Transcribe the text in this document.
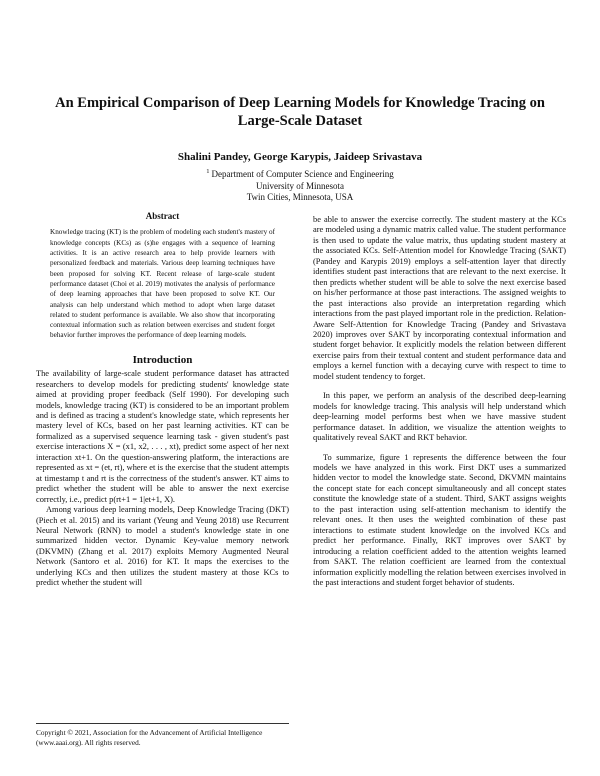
An Empirical Comparison of Deep Learning Models for Knowledge Tracing on Large-Scale Dataset

Shalini Pandey, George Karypis, Jaideep Srivastava

$^1$ Department of Computer Science and Engineering
University of Minnesota
Twin Cities, Minnesota, USA
Abstract

Knowledge tracing (KT) is the problem of modeling each student's mastery of knowledge concepts (KCs) as (s)he engages with a sequence of learning activities. It is an active research area to help provide learners with personalized feedback and materials. Various deep learning techniques have been proposed for solving KT. Recent release of large-scale student performance dataset (Choi et al. 2019) motivates the analysis of performance of deep learning approaches that have been proposed to solve KT. Our analysis can help understand which method to adopt when large dataset related to student performance is available. We also show that incorporating contextual information such as relation between exercises and student forget behavior further improves the performance of deep learning models.

Introduction

The availability of large-scale student performance dataset has attracted researchers to develop models for predicting students' knowledge state aimed at providing proper feedback (Self 1990). For developing such models, knowledge tracing (KT) is considered to be an important problem and is defined as tracing a student's knowledge state, which represents her mastery level of KCs, based on her past learning activities. KT can be formalized as a supervised sequence learning task - given student's past exercise interactions X = (x1, x2, . . . , xt), predict some aspect of her next interaction xt+1. On the question-answering platform, the interactions are represented as xt = (et, rt), where et is the exercise that the student attempts at timestamp t and rt is the correctness of the student's answer. KT aims to predict whether the student will be able to answer the next exercise correctly, i.e., predict p(rt+1 = 1|et+1, X).

Among various deep learning models, Deep Knowledge Tracing (DKT) (Piech et al. 2015) and its variant (Yeung and Yeung 2018) use Recurrent Neural Network (RNN) to model a student's knowledge state in one summarized hidden vector. Dynamic Key-value memory network (DKVMN) (Zhang et al. 2017) exploits Memory Augmented Neural Network (Santoro et al. 2016) for KT. It maps the exercises to the underlying KCs and then utilizes the student mastery at those KCs to predict whether the student will

be able to answer the exercise correctly. The student mastery at the KCs are modeled using a dynamic matrix called value. The student performance is then used to update the value matrix, thus updating student mastery at the associated KCs. Self-Attention model for Knowledge Tracing (SAKT) (Pandey and Karypis 2019) employs a self-attention layer that directly identifies student past interactions that are relevant to the next exercise. It then predicts whether student will be able to solve the next exercise based on his/her performance at those past interactions. The assigned weights to the past interactions also provide an interpretation regarding which interactions from the past played important role in the prediction. Relation-Aware Self-Attention for Knowledge Tracing (Pandey and Srivastava 2020) improves over SAKT by incorporating contextual information and student forget behavior. It explicitly models the relation between different exercise pairs from their textual content and student performance data and employs a kernel function with a decaying curve with respect to time to model student tendency to forget.

In this paper, we perform an analysis of the described deep-learning models for knowledge tracing. This analysis will help understand which deep-learning model performs best when we have massive student performance dataset. In addition, we visualize the attention weights to qualitatively reveal SAKT and RKT behavior.

To summarize, figure 1 represents the difference between the four models we have analyzed in this work. First DKT uses a summarized hidden vector to model the knowledge state. Second, DKVMN maintains the concept state for each concept simultaneously and all concept states constitute the knowledge state of a student. Third, SAKT assigns weights to the past interaction using self-attention mechanism to identify the relevant ones. It then uses the weighted combination of these past interactions to estimate student knowledge on the involved KCs and predict her performance. Finally, RKT improves over SAKT by introducing a relation coefficient added to the attention weights learned from SAKT. The relation coefficient are learned from the contextual information explicitly modelling the relation between exercises involved in the past interactions and student forget behavior of students.

Copyright © 2021, Association for the Advancement of Artificial Intelligence (www.aaai.org). All rights reserved.
